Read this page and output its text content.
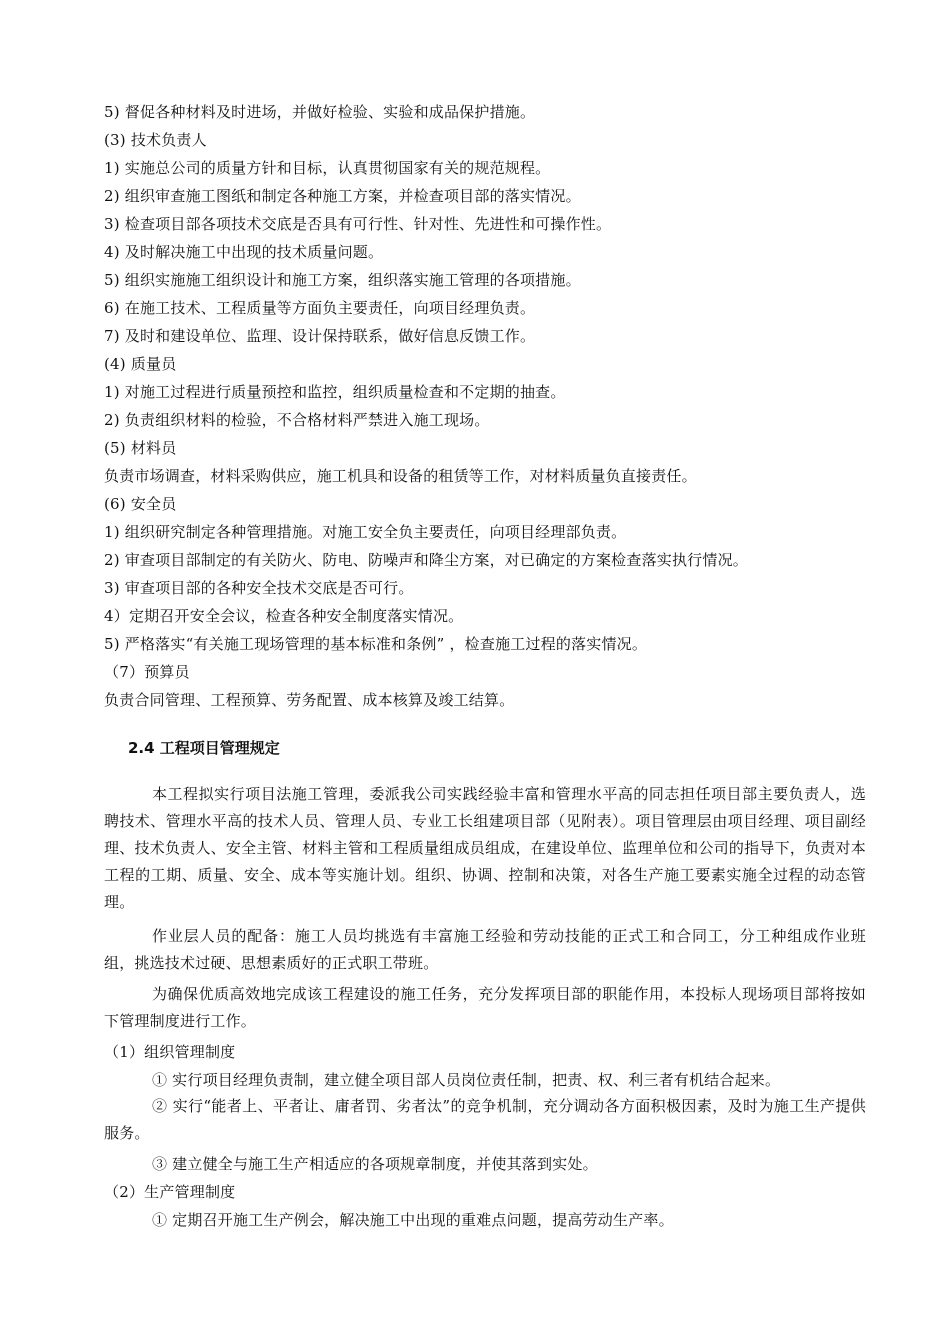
5) 督促各种材料及时进场，并做好检验、实验和成品保护措施。
(3) 技术负责人
1) 实施总公司的质量方针和目标，认真贯彻国家有关的规范规程。
2) 组织审查施工图纸和制定各种施工方案，并检查项目部的落实情况。
3) 检查项目部各项技术交底是否具有可行性、针对性、先进性和可操作性。
4) 及时解决施工中出现的技术质量问题。
5) 组织实施施工组织设计和施工方案，组织落实施工管理的各项措施。
6) 在施工技术、工程质量等方面负主要责任，向项目经理负责。
7) 及时和建设单位、监理、设计保持联系，做好信息反馈工作。
(4) 质量员
1) 对施工过程进行质量预控和监控，组织质量检查和不定期的抽查。
2) 负责组织材料的检验，不合格材料严禁进入施工现场。
(5) 材料员
负责市场调查，材料采购供应，施工机具和设备的租赁等工作，对材料质量负直接责任。
(6) 安全员
1) 组织研究制定各种管理措施。对施工安全负主要责任，向项目经理部负责。
2) 审查项目部制定的有关防火、防电、防噪声和降尘方案，对已确定的方案检查落实执行情况。
3) 审查项目部的各种安全技术交底是否可行。
4）定期召开安全会议，检查各种安全制度落实情况。
5) 严格落实“有关施工现场管理的基本标准和条例” ，检查施工过程的落实情况。
（7）预算员
负责合同管理、工程预算、劳务配置、成本核算及竣工结算。
2.4 工程项目管理规定
本工程拟实行项目法施工管理，委派我公司实践经验丰富和管理水平高的同志担任项目部主要负责人，选聘技术、管理水平高的技术人员、管理人员、专业工长组建项目部（见附表）。项目管理层由项目经理、项目副经理、技术负责人、安全主管、材料主管和工程质量组成员组成，在建设单位、监理单位和公司的指导下，负责对本工程的工期、质量、安全、成本等实施计划。组织、协调、控制和决策，对各生产施工要素实施全过程的动态管理。
作业层人员的配备：施工人员均挑选有丰富施工经验和劳动技能的正式工和合同工，分工种组成作业班组，挑选技术过硬、思想素质好的正式职工带班。
为确保优质高效地完成该工程建设的施工任务，充分发挥项目部的职能作用，本投标人现场项目部将按如下管理制度进行工作。
（1）组织管理制度
① 实行项目经理负责制，建立健全项目部人员岗位责任制，把责、权、利三者有机结合起来。
② 实行“能者上、平者让、庸者罚、劣者汰”的竞争机制，充分调动各方面积极因素，及时为施工生产提供服务。
③ 建立健全与施工生产相适应的各项规章制度，并使其落到实处。
（2）生产管理制度
① 定期召开施工生产例会，解决施工中出现的重难点问题，提高劳动生产率。
